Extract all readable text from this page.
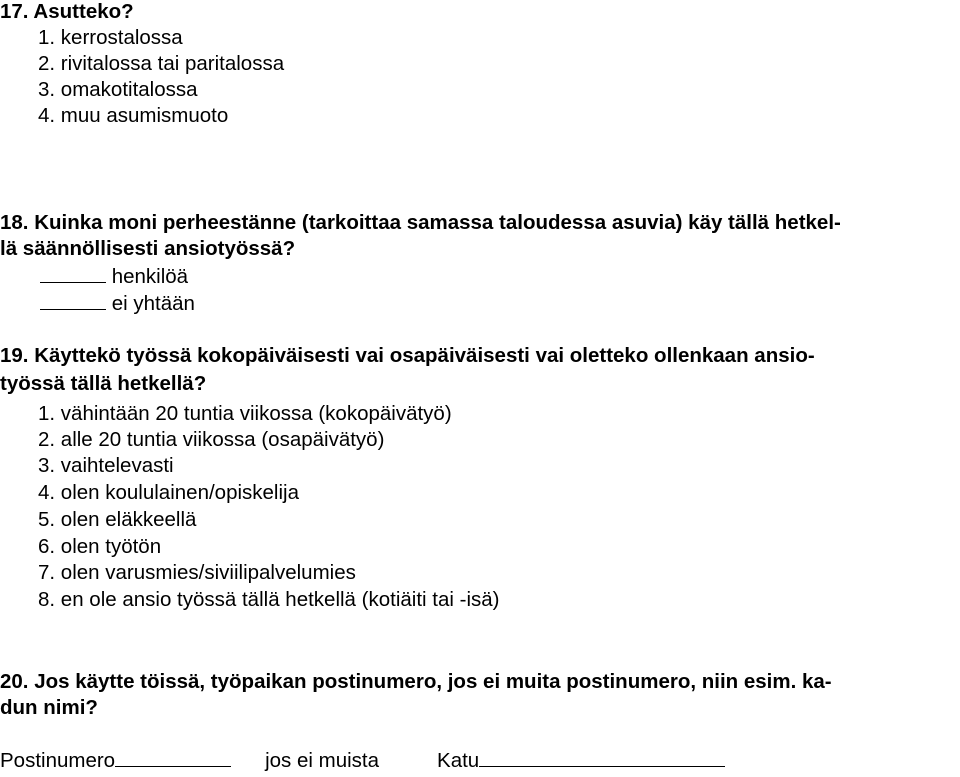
17. Asutteko?
1. kerrostalossa
2. rivitalossa tai paritalossa
3. omakotitalossa
4. muu asumismuoto
18. Kuinka moni perheestänne (tarkoittaa samassa taloudessa asuvia) käy tällä hetkel-
lä säännöllisesti ansiotyössä?
henkilöä
ei yhtään
19. Käyttekö työssä kokopäiväisesti vai osapäiväisesti vai oletteko ollenkaan ansio-
työssä tällä hetkellä?
1. vähintään 20 tuntia viikossa (kokopäivätyö)
2. alle 20 tuntia viikossa (osapäivätyö)
3. vaihtelevasti
4. olen koululainen/opiskelija
5. olen eläkkeellä
6. olen työtön
7. olen varusmies/siviilipalvelumies
8. en ole ansio työssä tällä hetkellä (kotiäiti tai -isä)
20. Jos käytte töissä, työpaikan postinumero, jos ei muita postinumero, niin esim. ka-
dun nimi?
Postinumero	jos ei muista	Katu
